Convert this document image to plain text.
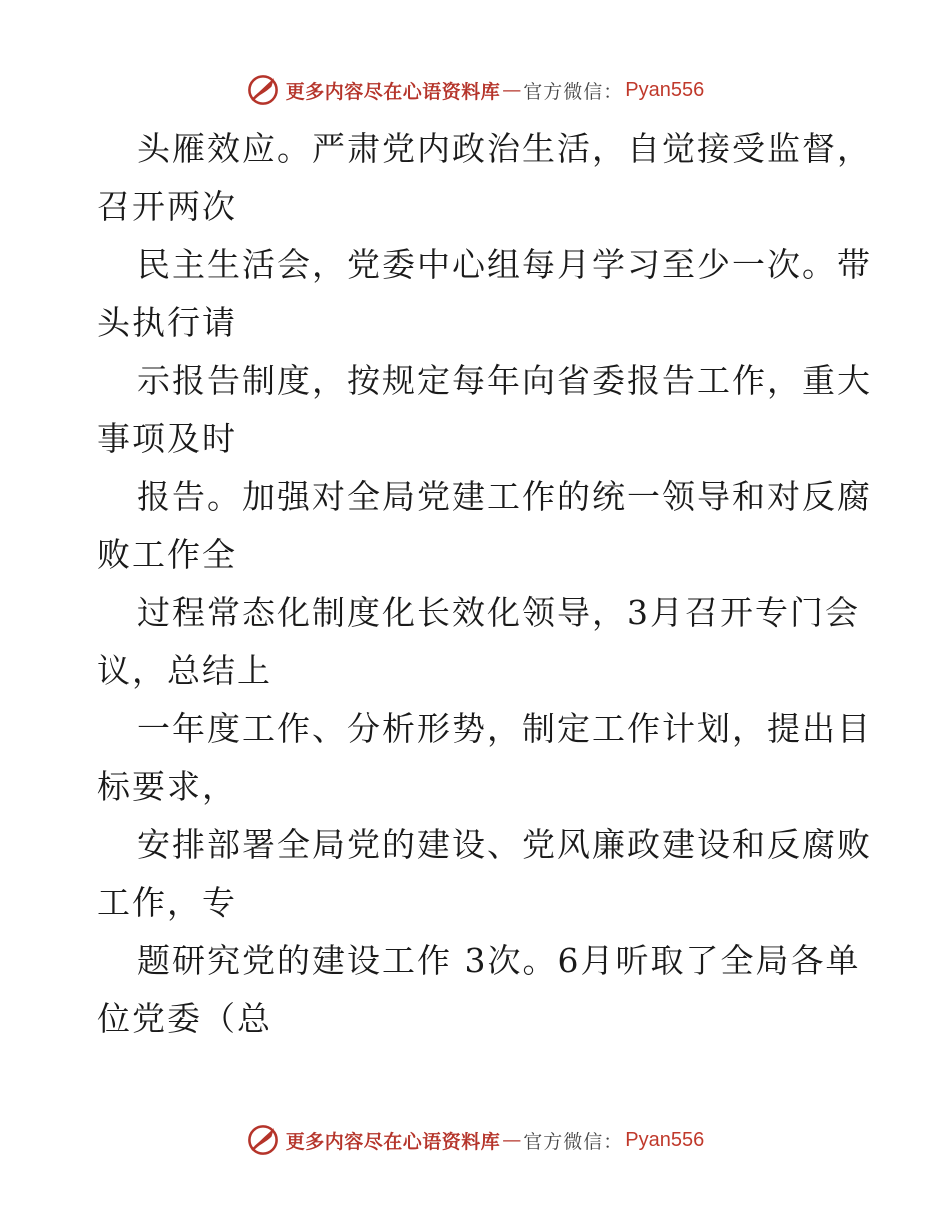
更多内容尽在心语资料库 — 官方微信： Pyan556
头雁效应。严肃党内政治生活，自觉接受监督，
召开两次
民主生活会，党委中心组每月学习至少一次。带
头执行请
示报告制度，按规定每年向省委报告工作，重大
事项及时
报告。加强对全局党建工作的统一领导和对反腐
败工作全
过程常态化制度化长效化领导，3月召开专门会
议，总结上
一年度工作、分析形势，制定工作计划，提出目
标要求，
安排部署全局党的建设、党风廉政建设和反腐败
工作，专
题研究党的建设工作 3次。6月听取了全局各单
位党委（总
更多内容尽在心语资料库 — 官方微信： Pyan556
